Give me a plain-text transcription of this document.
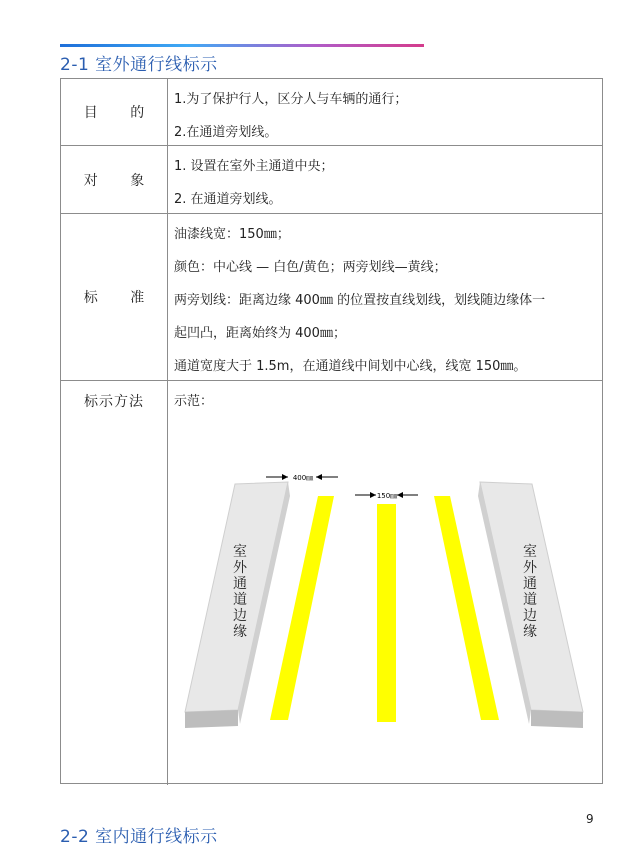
2-1 室外通行线标示
目 的
1.为了保护行人，区分人与车辆的通行；
2.在通道旁划线。
对 象
1. 设置在室外主通道中央；
2. 在通道旁划线。
标 准
油漆线宽：150㎜；
颜色：中心线 — 白色/黄色；两旁划线—黄线；
两旁划线：距离边缘 400㎜ 的位置按直线划线，划线随边缘体一
起凹凸，距离始终为 400㎜；
通道宽度大于 1.5m，在通道线中间划中心线，线宽 150㎜。
标示方法	示范：
400㎜
150㎜
室
外
通
道
边
缘
室
外
通
道
边
缘
9
2-2 室内通行线标示
